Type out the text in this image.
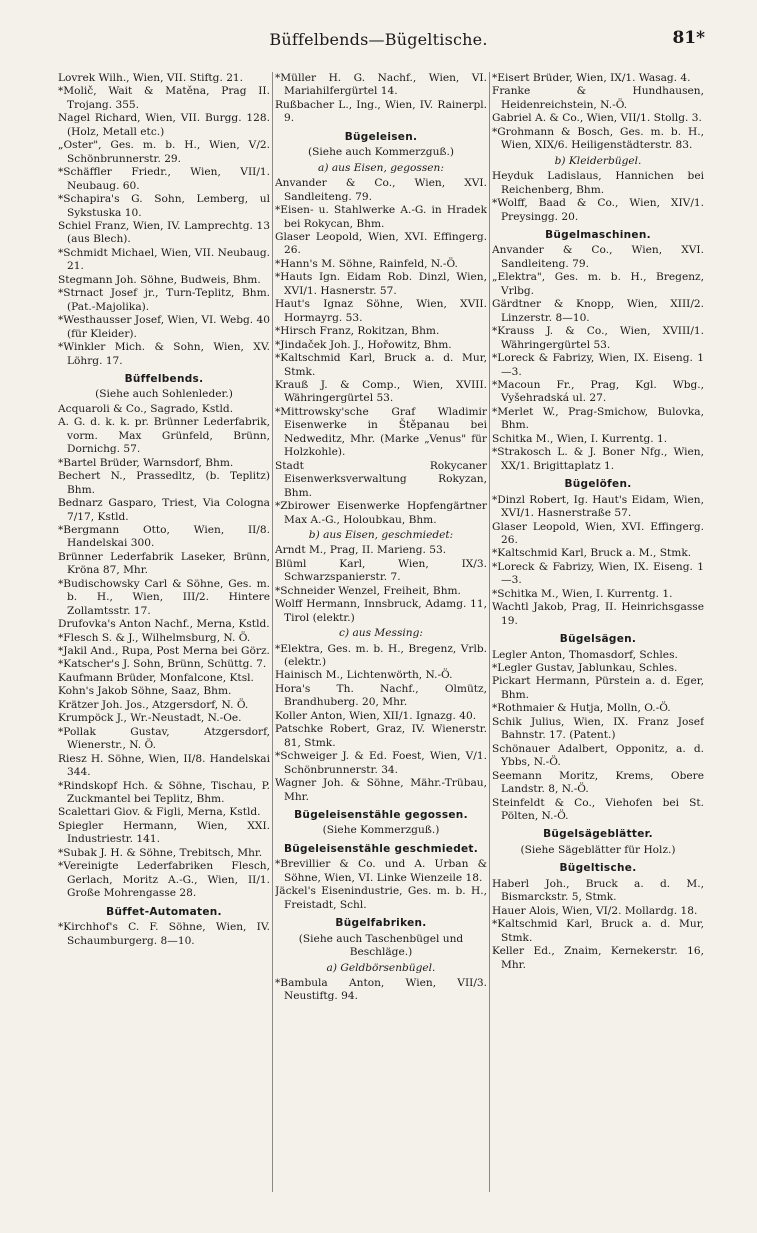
Büffelbends—Bügeltische.	81*
Lovrek Wilh., Wien, VII. Stiftg. 21.
*Molič, Wait & Matěna, Prag II. Trojang. 355.
Nagel Richard, Wien, VII. Burgg. 128. (Holz, Metall etc.)
„Oster", Ges. m. b. H., Wien, V/2. Schönbrunnerstr. 29.
*Schäffler Friedr., Wien, VII/1. Neubaug. 60.
*Schapira's G. Sohn, Lemberg, ul Sykstuska 10.
Schiel Franz, Wien, IV. Lamprechtg. 13 (aus Blech).
*Schmidt Michael, Wien, VII. Neubaug. 21.
Stegmann Joh. Söhne, Budweis, Bhm.
*Strnact Josef jr., Turn-Teplitz, Bhm. (Pat.-Majolika).
*Westhausser Josef, Wien, VI. Webg. 40 (für Kleider).
*Winkler Mich. & Sohn, Wien, XV. Löhrg. 17.
Büffelbends.
(Siehe auch Sohlenleder.)
Acquaroli & Co., Sagrado, Kstld.
A. G. d. k. k. pr. Brünner Lederfabrik, vorm. Max Grünfeld, Brünn, Dornichg. 57.
*Bartel Brüder, Warnsdorf, Bhm.
Bechert N., Prassedltz, (b. Teplitz) Bhm.
Bednarz Gasparo, Triest, Via Cologna 7/17, Kstld.
*Bergmann Otto, Wien, II/8. Handelskai 300.
Brünner Lederfabrik Laseker, Brünn, Kröna 87, Mhr.
*Budischowsky Carl & Söhne, Ges. m. b. H., Wien, III/2. Hintere Zollamtsstr. 17.
Drufovka's Anton Nachf., Merna, Kstld.
*Flesch S. & J., Wilhelmsburg, N. Ö.
*Jakil And., Rupa, Post Merna bei Görz.
*Katscher's J. Sohn, Brünn, Schüttg. 7.
Kaufmann Brüder, Monfalcone, Ktsl.
Kohn's Jakob Söhne, Saaz, Bhm.
Krätzer Joh. Jos., Atzgersdorf, N. Ö.
Krumpöck J., Wr.-Neustadt, N.-Oe.
*Pollak Gustav, Atzgersdorf, Wienerstr., N. Ö.
Riesz H. Söhne, Wien, II/8. Handelskai 344.
*Rindskopf Hch. & Söhne, Tischau, P. Zuckmantel bei Teplitz, Bhm.
Scalettari Giov. & Figli, Merna, Kstld.
Spiegler Hermann, Wien, XXI. Industriestr. 141.
*Subak J. H. & Söhne, Trebitsch, Mhr.
*Vereinigte Lederfabriken Flesch, Gerlach, Moritz A.-G., Wien, II/1. Große Mohrengasse 28.
Büffet-Automaten.
*Kirchhof's C. F. Söhne, Wien, IV. Schaumburgerg. 8—10.
*Müller H. G. Nachf., Wien, VI. Mariahilfergürtel 14.
Rußbacher L., Ing., Wien, IV. Rainerpl. 9.
Bügeleisen.
(Siehe auch Kommerzguß.)
a) aus Eisen, gegossen:
Anvander & Co., Wien, XVI. Sandleiteng. 79.
*Eisen- u. Stahlwerke A.-G. in Hradek bei Rokycan, Bhm.
Glaser Leopold, Wien, XVI. Effingerg. 26.
*Hann's M. Söhne, Rainfeld, N.-Ö.
*Hauts Ign. Eidam Rob. Dinzl, Wien, XVI/1. Hasnerstr. 57.
Haut's Ignaz Söhne, Wien, XVII. Hormayrg. 53.
*Hirsch Franz, Rokitzan, Bhm.
*Jindaček Joh. J., Hořowitz, Bhm.
*Kaltschmid Karl, Bruck a. d. Mur, Stmk.
Krauß J. & Comp., Wien, XVIII. Währingergürtel 53.
*Mittrowsky'sche Graf Wladimir Eisenwerke in Štěpanau bei Nedweditz, Mhr. (Marke „Venus" für Holzkohle).
Stadt Rokycaner Eisenwerksverwaltung Rokyzan, Bhm.
*Zbirower Eisenwerke Hopfengärtner Max A.-G., Holoubkau, Bhm.
b) aus Eisen, geschmiedet:
Arndt M., Prag, II. Marieng. 53.
Blüml Karl, Wien, IX/3. Schwarzspanierstr. 7.
*Schneider Wenzel, Freiheit, Bhm.
Wolff Hermann, Innsbruck, Adamg. 11, Tirol (elektr.)
c) aus Messing:
*Elektra, Ges. m. b. H., Bregenz, Vrlb. (elektr.)
Hainisch M., Lichtenwörth, N.-Ö.
Hora's Th. Nachf., Olmütz, Brandhuberg. 20, Mhr.
Koller Anton, Wien, XII/1. Ignazg. 40.
Patschke Robert, Graz, IV. Wienerstr. 81, Stmk.
*Schweiger J. & Ed. Foest, Wien, V/1. Schönbrunnerstr. 34.
Wagner Joh. & Söhne, Mähr.-Trübau, Mhr.
Bügeleisenstähle gegossen.
(Siehe Kommerzguß.)
Bügeleisenstähle geschmiedet.
*Brevillier & Co. und A. Urban & Söhne, Wien, VI. Linke Wienzeile 18.
Jäckel's Eisenindustrie, Ges. m. b. H., Freistadt, Schl.
Bügelfabriken.
(Siehe auch Taschenbügel und Beschläge.)
a) Geldbörsenbügel.
*Bambula Anton, Wien, VII/3. Neustiftg. 94.
*Eisert Brüder, Wien, IX/1. Wasag. 4.
Franke & Hundhausen, Heidenreichstein, N.-Ö.
Gabriel A. & Co., Wien, VII/1. Stollg. 3.
*Grohmann & Bosch, Ges. m. b. H., Wien, XIX/6. Heiligenstädterstr. 83.
b) Kleiderbügel.
Heyduk Ladislaus, Hannichen bei Reichenberg, Bhm.
*Wolff, Baad & Co., Wien, XIV/1. Preysingg. 20.
Bügelmaschinen.
Anvander & Co., Wien, XVI. Sandleiteng. 79.
„Elektra", Ges. m. b. H., Bregenz, Vrlbg.
Gärdtner & Knopp, Wien, XIII/2. Linzerstr. 8—10.
*Krauss J. & Co., Wien, XVIII/1. Währingergürtel 53.
*Loreck & Fabrizy, Wien, IX. Eiseng. 1—3.
*Macoun Fr., Prag, Kgl. Wbg., Vyšehradská ul. 27.
*Merlet W., Prag-Smichow, Bulovka, Bhm.
Schitka M., Wien, I. Kurrentg. 1.
*Strakosch L. & J. Boner Nfg., Wien, XX/1. Brigittaplatz 1.
Bügelöfen.
*Dinzl Robert, Ig. Haut's Eidam, Wien, XVI/1. Hasnerstraße 57.
Glaser Leopold, Wien, XVI. Effingerg. 26.
*Kaltschmid Karl, Bruck a. M., Stmk.
*Loreck & Fabrizy, Wien, IX. Eiseng. 1—3.
*Schitka M., Wien, I. Kurrentg. 1.
Wachtl Jakob, Prag, II. Heinrichsgasse 19.
Bügelsägen.
Legler Anton, Thomasdorf, Schles.
*Legler Gustav, Jablunkau, Schles.
Pickart Hermann, Pürstein a. d. Eger, Bhm.
*Rothmaier & Hutja, Molln, O.-Ö.
Schik Julius, Wien, IX. Franz Josef Bahnstr. 17. (Patent.)
Schönauer Adalbert, Opponitz, a. d. Ybbs, N.-Ö.
Seemann Moritz, Krems, Obere Landstr. 8, N.-Ö.
Steinfeldt & Co., Viehofen bei St. Pölten, N.-Ö.
Bügelsägeblätter.
(Siehe Sägeblätter für Holz.)
Bügeltische.
Haberl Joh., Bruck a. d. M., Bismarckstr. 5, Stmk.
Hauer Alois, Wien, VI/2. Mollardg. 18.
*Kaltschmid Karl, Bruck a. d. Mur, Stmk.
Keller Ed., Znaim, Kernekerstr. 16, Mhr.
